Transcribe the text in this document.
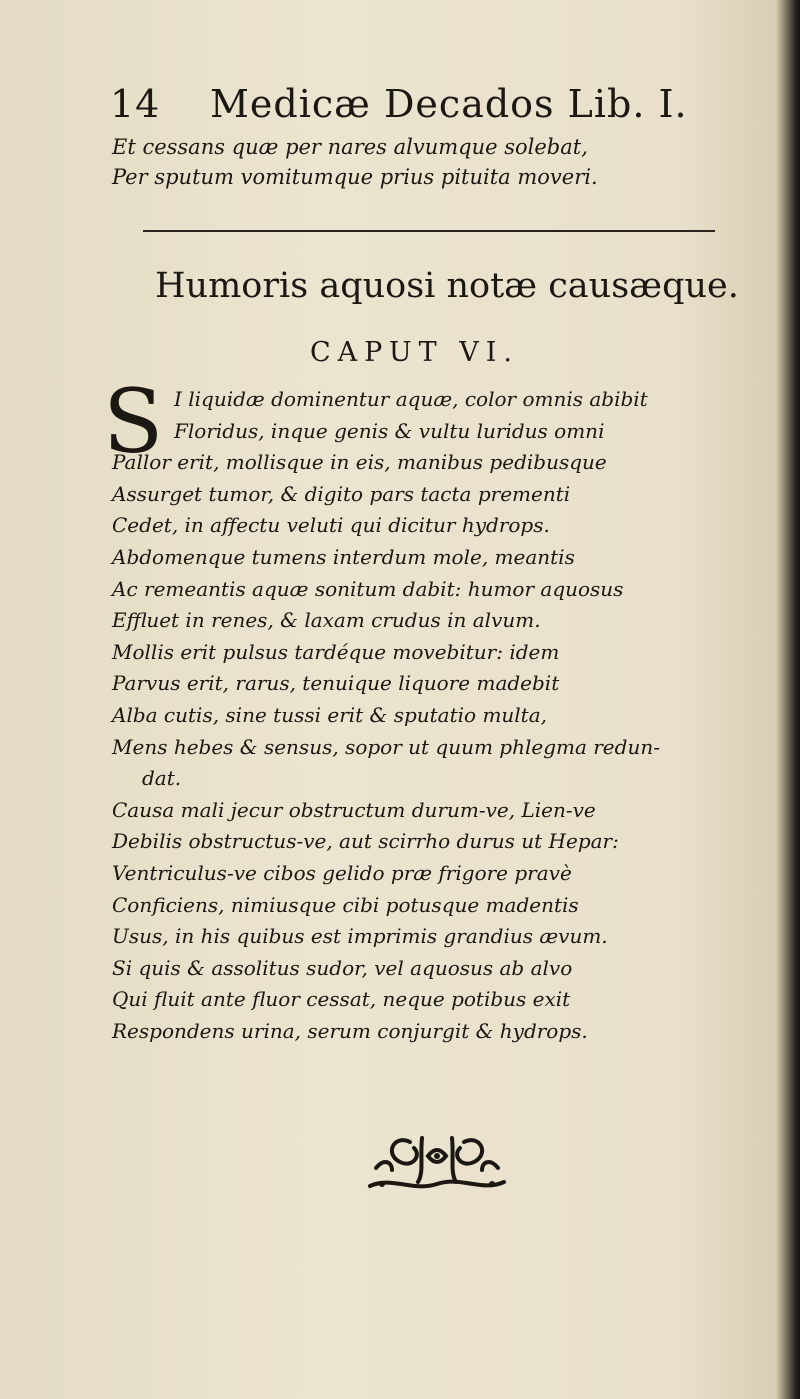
14 Medicæ Decados Lib. I.
Et cessans quæ per nares alvumque solebat,
Per sputum vomitumque prius pituita moveri.
Humoris aquosi notæ causæque.
CAPUT VI.
S I liquidæ dominentur aquæ, color omnis abibit
Floridus, inque genis & vultu luridus omni
Pallor erit, mollisque in eis, manibus pedibusque
Assurget tumor, & digito pars tacta prementi
Cedet, in affectu veluti qui dicitur hydrops.
Abdomenque tumens interdum mole, meantis
Ac remeantis aquæ sonitum dabit: humor aquosus
Effluet in renes, & laxam crudus in alvum.
Mollis erit pulsus tardéque movebitur: idem
Parvus erit, rarus, tenuique liquore madebit
Alba cutis, sine tussi erit & sputatio multa,
Mens hebes & sensus, sopor ut quum phlegma redun-
dat.
Causa mali jecur obstructum durum-ve, Lien-ve
Debilis obstructus-ve, aut scirrho durus ut Hepar:
Ventriculus-ve cibos gelido præ frigore pravè
Conficiens, nimiusque cibi potusque madentis
Usus, in his quibus est imprimis grandius ævum.
Si quis & assolitus sudor, vel aquosus ab alvo
Qui fluit ante fluor cessat, neque potibus exit
Respondens urina, serum conjurgit & hydrops.
